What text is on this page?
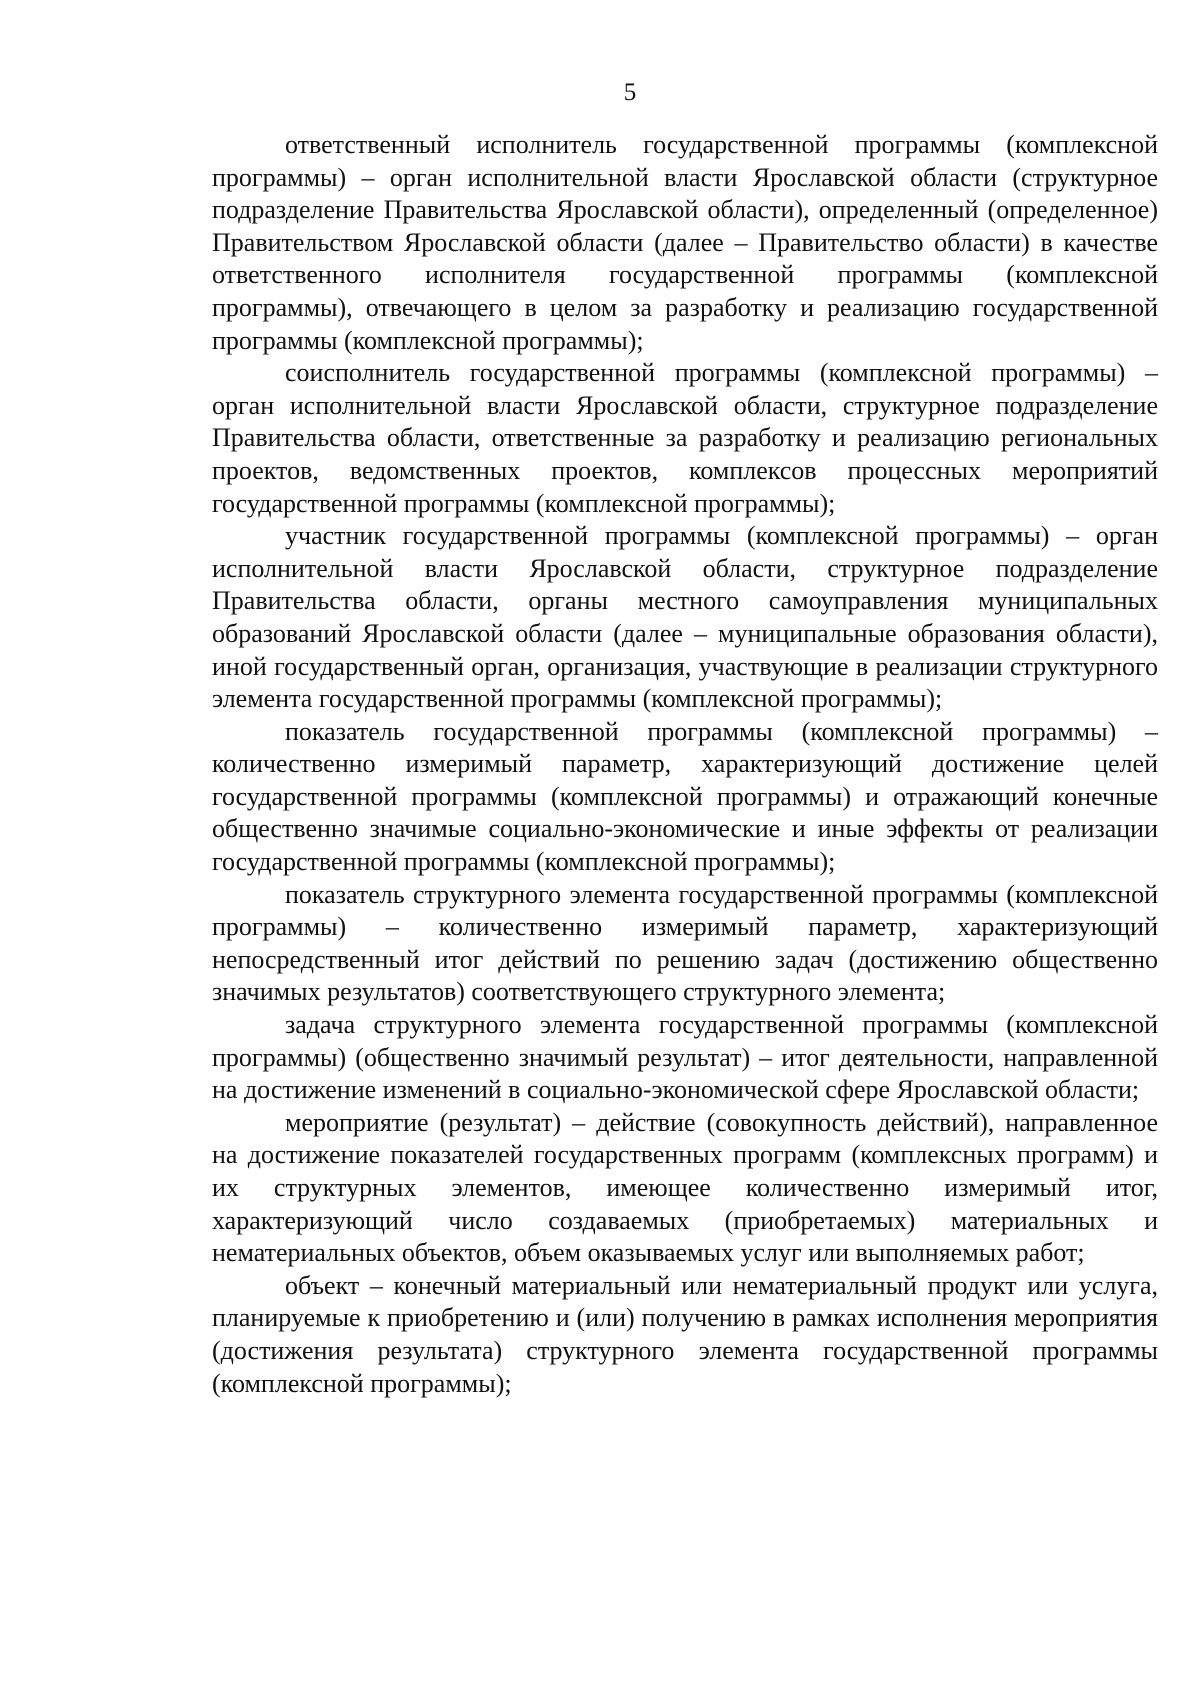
5

ответственный исполнитель государственной программы (комплексной программы) – орган исполнительной власти Ярославской области (структурное подразделение Правительства Ярославской области), определенный (определенное) Правительством Ярославской области (далее – Правительство области) в качестве ответственного исполнителя государственной программы (комплексной программы), отвечающего в целом за разработку и реализацию государственной программы (комплексной программы);

соисполнитель государственной программы (комплексной программы) – орган исполнительной власти Ярославской области, структурное подразделение Правительства области, ответственные за разработку и реализацию региональных проектов, ведомственных проектов, комплексов процессных мероприятий государственной программы (комплексной программы);

участник государственной программы (комплексной программы) – орган исполнительной власти Ярославской области, структурное подразделение Правительства области, органы местного самоуправления муниципальных образований Ярославской области (далее – муниципальные образования области), иной государственный орган, организация, участвующие в реализации структурного элемента государственной программы (комплексной программы);

показатель государственной программы (комплексной программы) – количественно измеримый параметр, характеризующий достижение целей государственной программы (комплексной программы) и отражающий конечные общественно значимые социально-экономические и иные эффекты от реализации государственной программы (комплексной программы);

показатель структурного элемента государственной программы (комплексной программы) – количественно измеримый параметр, характеризующий непосредственный итог действий по решению задач (достижению общественно значимых результатов) соответствующего структурного элемента;

задача структурного элемента государственной программы (комплексной программы) (общественно значимый результат) – итог деятельности, направленной на достижение изменений в социально-экономической сфере Ярославской области;

мероприятие (результат) – действие (совокупность действий), направленное на достижение показателей государственных программ (комплексных программ) и их структурных элементов, имеющее количественно измеримый итог, характеризующий число создаваемых (приобретаемых) материальных и нематериальных объектов, объем оказываемых услуг или выполняемых работ;

объект – конечный материальный или нематериальный продукт или услуга, планируемые к приобретению и (или) получению в рамках исполнения мероприятия (достижения результата) структурного элемента государственной программы (комплексной программы);
